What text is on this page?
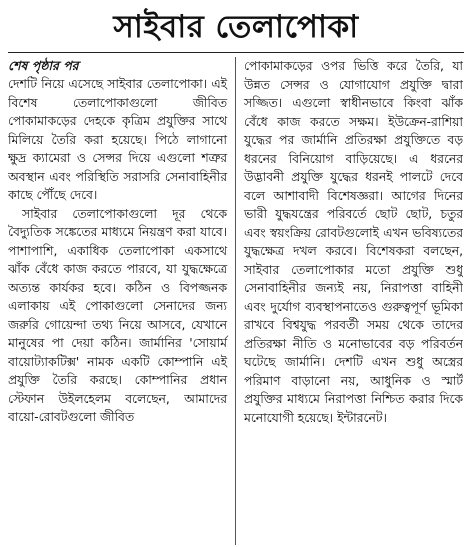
সাইবার তেলাপোকা

শেষ পৃষ্ঠার পর

দেশটি নিয়ে এসেছে সাইবার তেলাপোকা। এই বিশেষ তেলাপোকাগুলো জীবিত পোকামাকড়ের দেহকে কৃত্রিম প্রযুক্তির সাথে মিলিয়ে তৈরি করা হয়েছে। পিঠে লাগানো ক্ষুদ্র ক্যামেরা ও সেন্সর দিয়ে এগুলো শত্রুর অবস্থান এবং পরিস্থিতি সরাসরি সেনাবাহিনীর কাছে পৌঁছে দেবে।

সাইবার তেলাপোকাগুলো দূর থেকে বৈদ্যুতিক সঙ্কেতের মাধ্যমে নিয়ন্ত্রণ করা যাবে। পাশাপাশি, একাধিক তেলাপোকা একসাথে ঝাঁক বেঁধে কাজ করতে পারবে, যা যুদ্ধক্ষেত্রে অত্যন্ত কার্যকর হবে। কঠিন ও বিপজ্জনক এলাকায় এই পোকাগুলো সেনাদের জন্য জরুরি গোয়েন্দা তথ্য নিয়ে আসবে, যেখানে মানুষের পা দেয়া কঠিন। জার্মানির 'সোয়ার্ম বায়োট্যাকটিক্স' নামক একটি কোম্পানি এই প্রযুক্তি তৈরি করছে। কোম্পানির প্রধান স্টেফান উইলহেলম বলেছেন, আমাদের বায়ো-রোবটগুলো জীবিত

পোকামাকড়ের ওপর ভিত্তি করে তৈরি, যা উন্নত সেন্সর ও যোগাযোগ প্রযুক্তি দ্বারা সজ্জিত। এগুলো স্বাধীনভাবে কিংবা ঝাঁক বেঁধে কাজ করতে সক্ষম। ইউক্রেন-রাশিয়া যুদ্ধের পর জার্মানি প্রতিরক্ষা প্রযুক্তিতে বড় ধরনের বিনিয়োগ বাড়িয়েছে। এ ধরনের উদ্ভাবনী প্রযুক্তি যুদ্ধের ধরনই পালটে দেবে বলে আশাবাদী বিশেষজ্ঞরা। আগের দিনের ভারী যুদ্ধযন্ত্রের পরিবর্তে ছোট ছোট, চতুর এবং স্বয়ংক্রিয় রোবটগুলোই এখন ভবিষ্যতের যুদ্ধক্ষেত্র দখল করবে। বিশেষকরা বলছেন, সাইবার তেলাপোকার মতো প্রযুক্তি শুধু সেনাবাহিনীর জন্যই নয়, নিরাপত্তা বাহিনী এবং দুর্যোগ ব্যবস্থাপনাতেও গুরুত্বপূর্ণ ভূমিকা রাখবে বিশ্বযুদ্ধ পরবর্তী সময় থেকে তাদের প্রতিরক্ষা নীতি ও মনোভাবের বড় পরিবর্তন ঘটেছে জার্মানি। দেশটি এখন শুধু অস্ত্রের পরিমাণ বাড়ানো নয়, আধুনিক ও স্মার্ট প্রযুক্তির মাধ্যমে নিরাপত্তা নিশ্চিত করার দিকে মনোযোগী হয়েছে। ইন্টারনেট।
